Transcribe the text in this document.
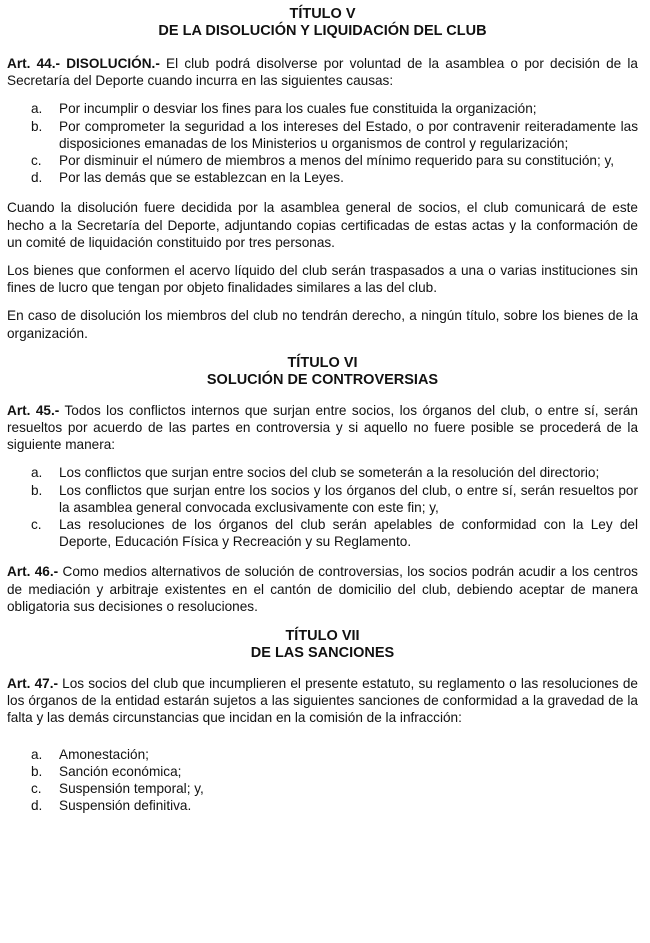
TÍTULO V
DE LA DISOLUCIÓN Y LIQUIDACIÓN DEL CLUB

Art. 44.- DISOLUCIÓN.- El club podrá disolverse por voluntad de la asamblea o por decisión de la Secretaría del Deporte cuando incurra en las siguientes causas:

a. Por incumplir o desviar los fines para los cuales fue constituida la organización;
b. Por comprometer la seguridad a los intereses del Estado, o por contravenir reiteradamente las disposiciones emanadas de los Ministerios u organismos de control y regularización;
c. Por disminuir el número de miembros a menos del mínimo requerido para su constitución; y,
d. Por las demás que se establezcan en la Leyes.

Cuando la disolución fuere decidida por la asamblea general de socios, el club comunicará de este hecho a la Secretaría del Deporte, adjuntando copias certificadas de estas actas y la conformación de un comité de liquidación constituido por tres personas.

Los bienes que conformen el acervo líquido del club serán traspasados a una o varias instituciones sin fines de lucro que tengan por objeto finalidades similares a las del club.

En caso de disolución los miembros del club no tendrán derecho, a ningún título, sobre los bienes de la organización.

TÍTULO VI
SOLUCIÓN DE CONTROVERSIAS

Art. 45.- Todos los conflictos internos que surjan entre socios, los órganos del club, o entre sí, serán resueltos por acuerdo de las partes en controversia y si aquello no fuere posible se procederá de la siguiente manera:

a. Los conflictos que surjan entre socios del club se someterán a la resolución del directorio;
b. Los conflictos que surjan entre los socios y los órganos del club, o entre sí, serán resueltos por la asamblea general convocada exclusivamente con este fin; y,
c. Las resoluciones de los órganos del club serán apelables de conformidad con la Ley del Deporte, Educación Física y Recreación y su Reglamento.

Art. 46.- Como medios alternativos de solución de controversias, los socios podrán acudir a los centros de mediación y arbitraje existentes en el cantón de domicilio del club, debiendo aceptar de manera obligatoria sus decisiones o resoluciones.

TÍTULO VII
DE LAS SANCIONES

Art. 47.- Los socios del club que incumplieren el presente estatuto, su reglamento o las resoluciones de los órganos de la entidad estarán sujetos a las siguientes sanciones de conformidad a la gravedad de la falta y las demás circunstancias que incidan en la comisión de la infracción:

a. Amonestación;
b. Sanción económica;
c. Suspensión temporal; y,
d. Suspensión definitiva.
